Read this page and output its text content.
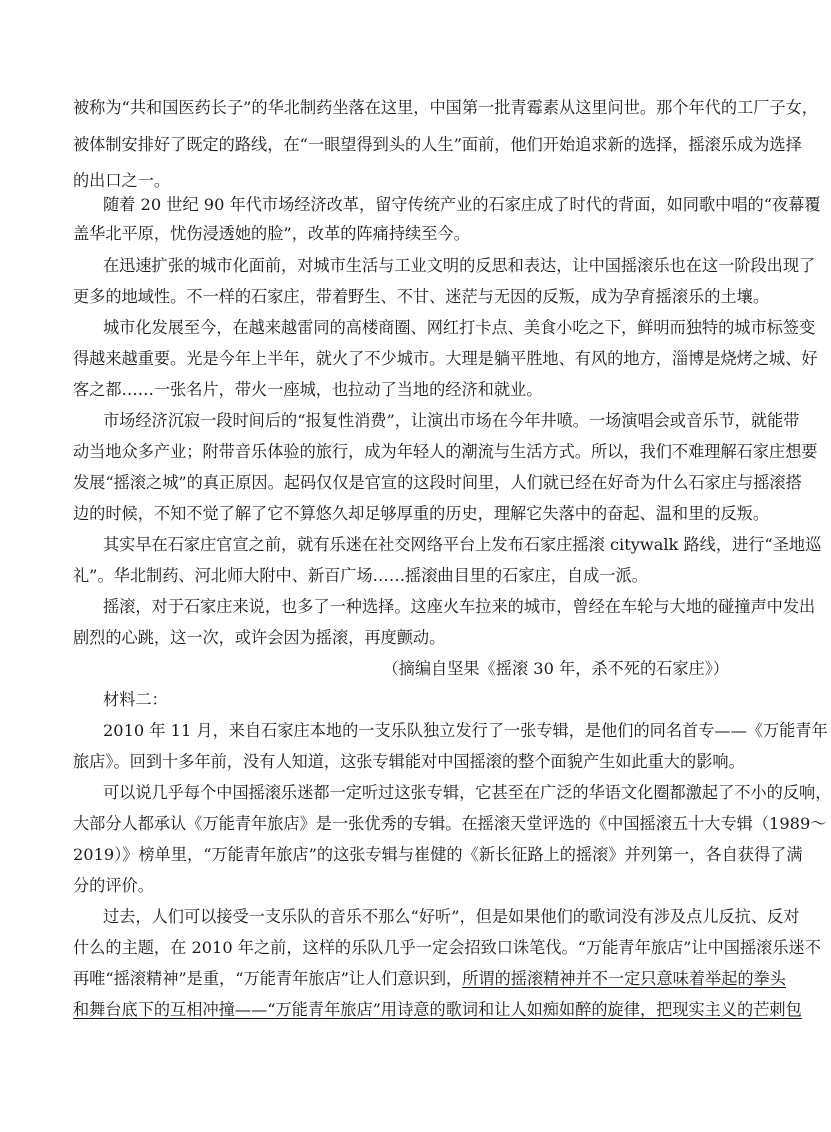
被称为“共和国医药长子”的华北制药坐落在这里，中国第一批青霉素从这里问世。那个年代的工厂子女，
被体制安排好了既定的路线，在“一眼望得到头的人生”面前，他们开始追求新的选择，摇滚乐成为选择
的出口之一。
随着 20 世纪 90 年代市场经济改革，留守传统产业的石家庄成了时代的背面，如同歌中唱的“夜幕覆
盖华北平原，忧伤浸透她的脸”，改革的阵痛持续至今。
在迅速扩张的城市化面前，对城市生活与工业文明的反思和表达，让中国摇滚乐也在这一阶段出现了
更多的地域性。不一样的石家庄，带着野生、不甘、迷茫与无因的反叛，成为孕育摇滚乐的土壤。
城市化发展至今，在越来越雷同的高楼商圈、网红打卡点、美食小吃之下，鲜明而独特的城市标签变
得越来越重要。光是今年上半年，就火了不少城市。大理是躺平胜地、有风的地方，淄博是烧烤之城、好
客之都……一张名片，带火一座城，也拉动了当地的经济和就业。
市场经济沉寂一段时间后的“报复性消费”，让演出市场在今年井喷。一场演唱会或音乐节，就能带
动当地众多产业；附带音乐体验的旅行，成为年轻人的潮流与生活方式。所以，我们不难理解石家庄想要
发展“摇滚之城”的真正原因。起码仅仅是官宣的这段时间里，人们就已经在好奇为什么石家庄与摇滚搭
边的时候，不知不觉了解了它不算悠久却足够厚重的历史，理解它失落中的奋起、温和里的反叛。
其实早在石家庄官宣之前，就有乐迷在社交网络平台上发布石家庄摇滚 citywalk 路线，进行“圣地巡
礼”。华北制药、河北师大附中、新百广场……摇滚曲目里的石家庄，自成一派。
摇滚，对于石家庄来说，也多了一种选择。这座火车拉来的城市，曾经在车轮与大地的碰撞声中发出
剧烈的心跳，这一次，或许会因为摇滚，再度颤动。
（摘编自坚果《摇滚 30 年，杀不死的石家庄》）
材料二：
2010 年 11 月，来自石家庄本地的一支乐队独立发行了一张专辑，是他们的同名首专——《万能青年
旅店》。回到十多年前，没有人知道，这张专辑能对中国摇滚的整个面貌产生如此重大的影响。
可以说几乎每个中国摇滚乐迷都一定听过这张专辑，它甚至在广泛的华语文化圈都激起了不小的反响，
大部分人都承认《万能青年旅店》是一张优秀的专辑。在摇滚天堂评选的《中国摇滚五十大专辑（1989～
2019）》榜单里，“万能青年旅店”的这张专辑与崔健的《新长征路上的摇滚》并列第一，各自获得了满
分的评价。
过去，人们可以接受一支乐队的音乐不那么“好听”，但是如果他们的歌词没有涉及点儿反抗、反对
什么的主题，在 2010 年之前，这样的乐队几乎一定会招致口诛笔伐。“万能青年旅店”让中国摇滚乐迷不
再唯“摇滚精神”是重，“万能青年旅店”让人们意识到，所谓的摇滚精神并不一定只意味着举起的拳头
和舞台底下的互相冲撞——“万能青年旅店”用诗意的歌词和让人如痴如醉的旋律，把现实主义的芒刺包
